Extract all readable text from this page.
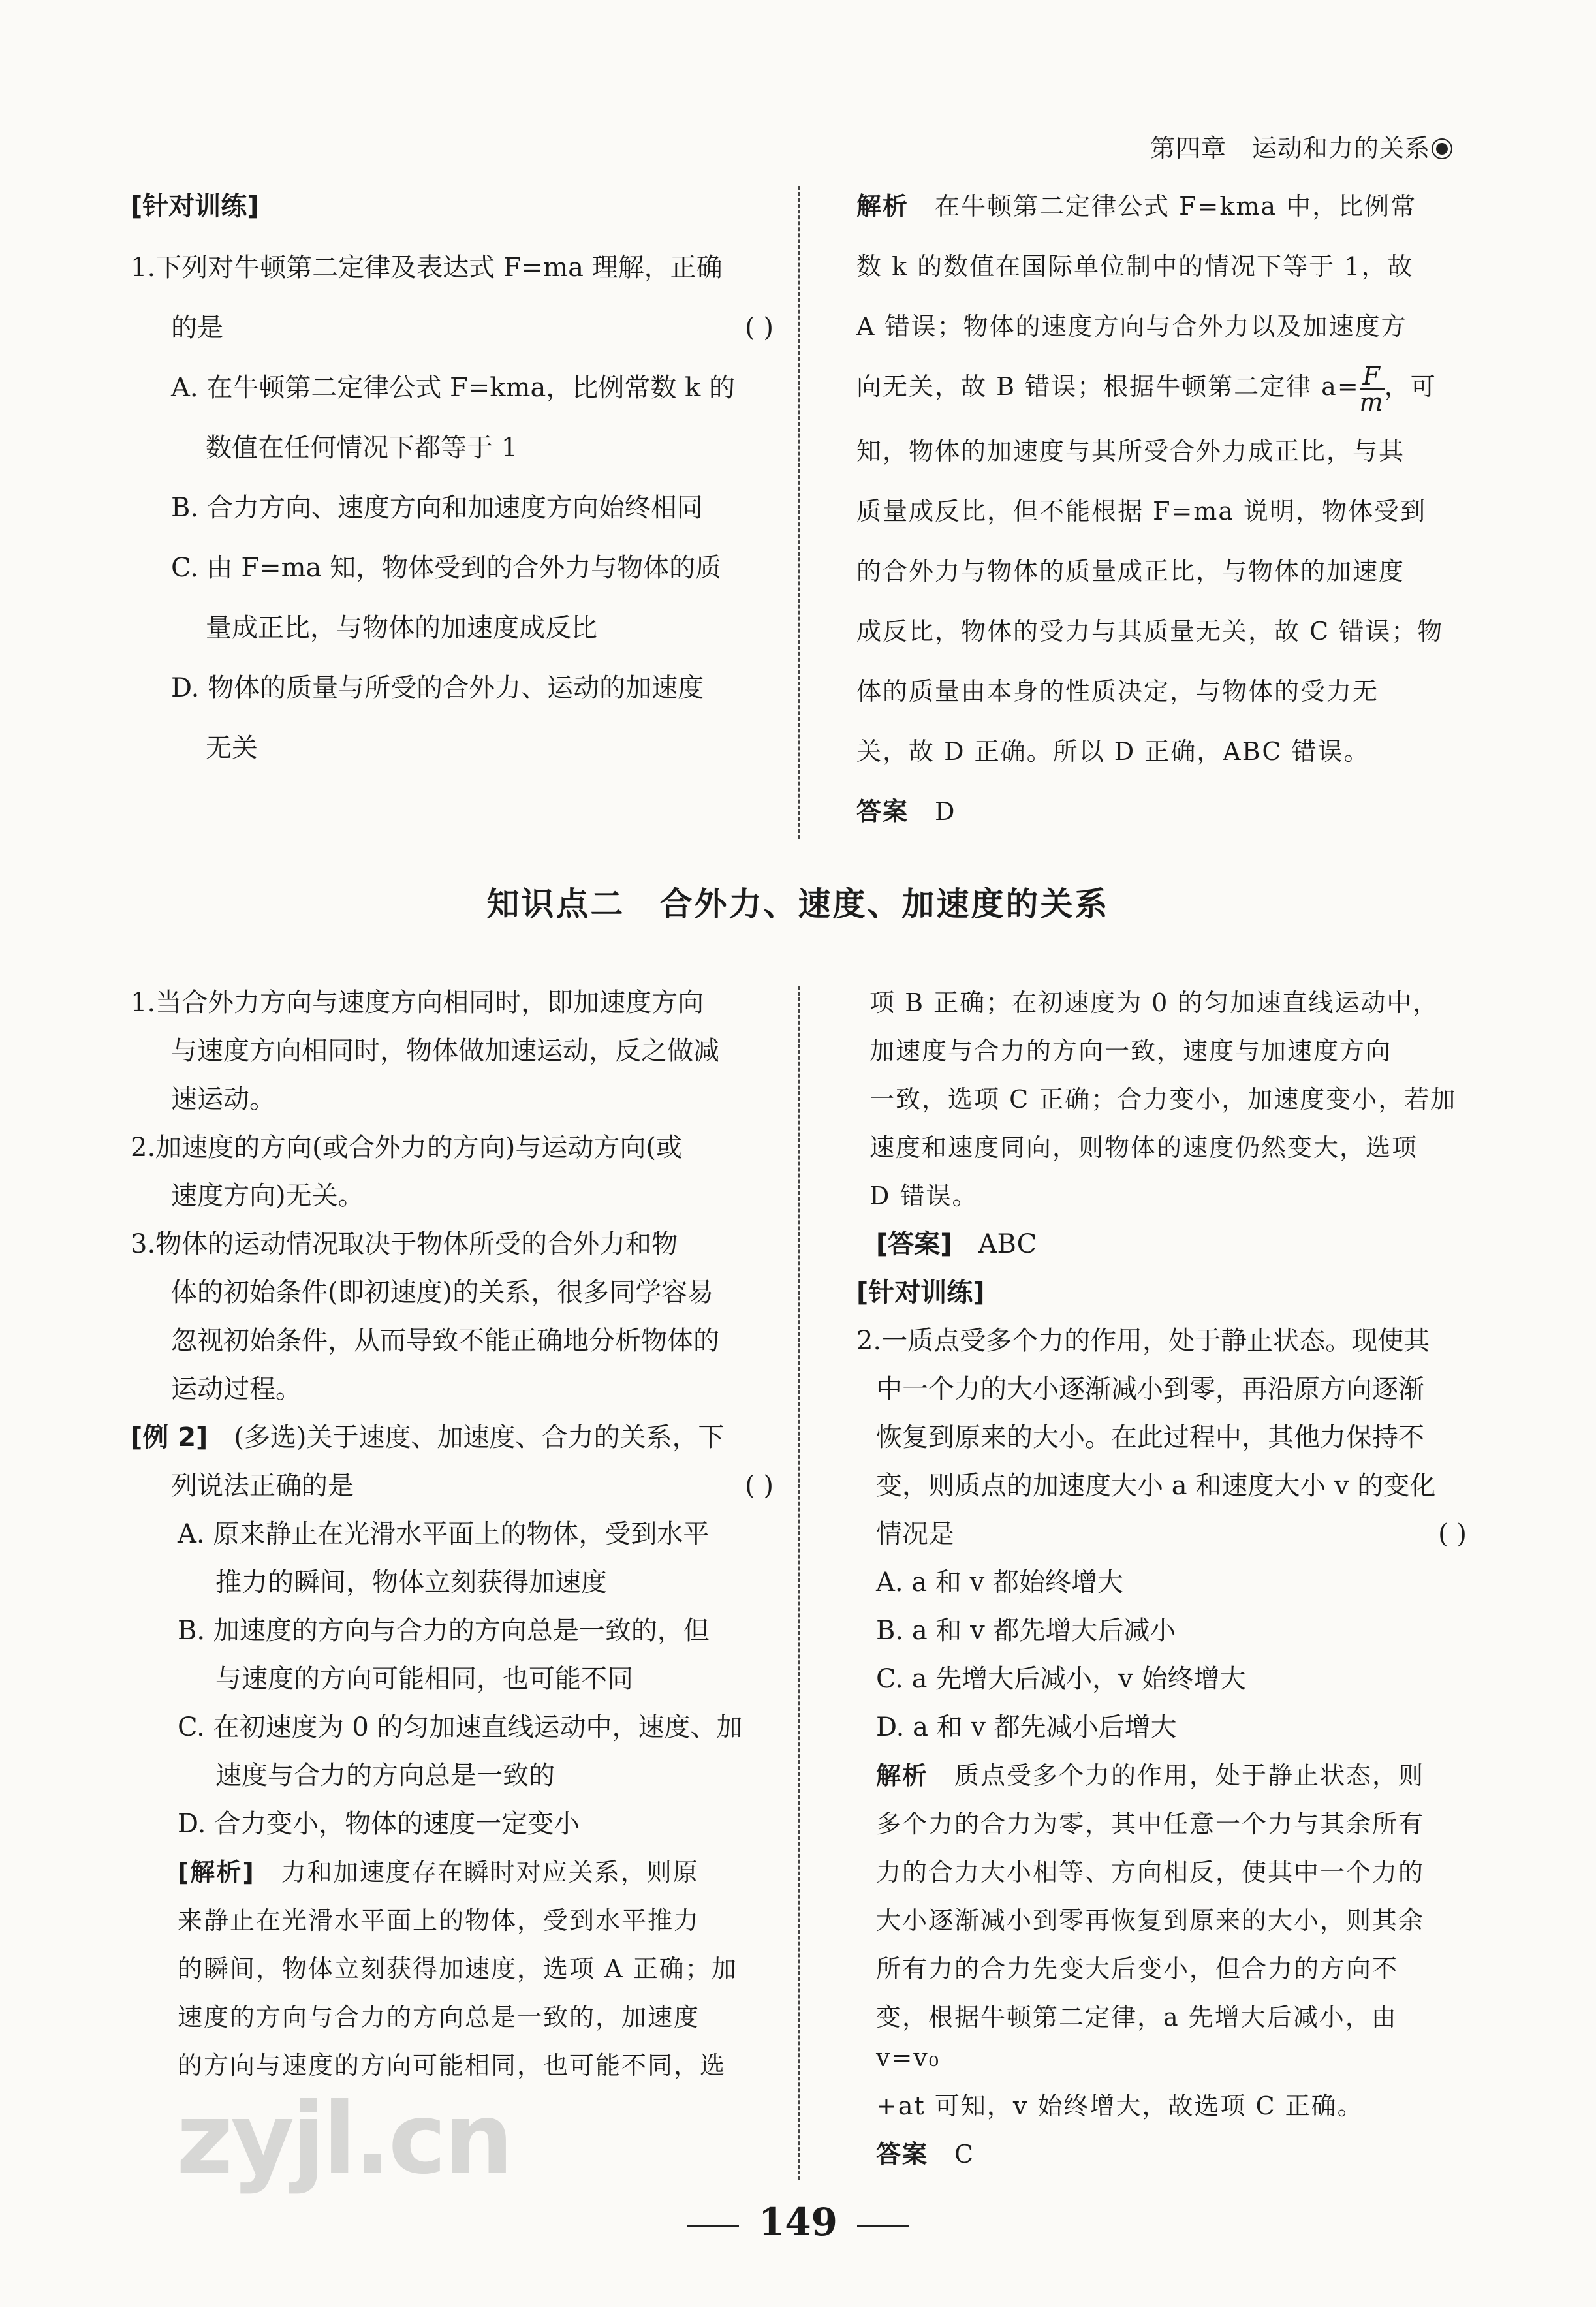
第四章　 运动和力的关系

[针对训练]

1.下列对牛顿第二定律及表达式 F=ma 理解，正确

的是	( )

A. 在牛顿第二定律公式 F=kma，比例常数 k 的

数值在任何情况下都等于 1

B. 合力方向、速度方向和加速度方向始终相同

C. 由 F=ma 知，物体受到的合外力与物体的质

量成正比，与物体的加速度成反比

D. 物体的质量与所受的合外力、运动的加速度

无关

解析　 在牛顿第二定律公式 F=kma 中，比例常

数 k 的数值在国际单位制中的情况下等于 1，故

A 错误；物体的速度方向与合外力以及加速度方

向无关，故 B 错误；根据牛顿第二定律 $a= \frac{F}{m}$ ，可

知，物体的加速度与其所受合外力成正比，与其

质量成反比，但不能根据 F=ma 说明，物体受到

的合外力与物体的质量成正比，与物体的加速度

成反比，物体的受力与其质量无关，故 C 错误；物

体的质量由本身的性质决定，与物体的受力无

关，故 D 正确。所以 D 正确，ABC 错误。

答案　 D

知识点二　合外力、速度、加速度的关系

1.当合外力方向与速度方向相同时，即加速度方向

与速度方向相同时，物体做加速运动，反之做减

速运动。

2.加速度的方向(或合外力的方向)与运动方向(或

速度方向)无关。

3.物体的运动情况取决于物体所受的合外力和物

体的初始条件(即初速度)的关系，很多同学容易

忽视初始条件，从而导致不能正确地分析物体的

运动过程。

[例 2]　 (多选)关于速度、加速度、合力的关系，下

列说法正确的是	( )

A. 原来静止在光滑水平面上的物体，受到水平

推力的瞬间，物体立刻获得加速度

B. 加速度的方向与合力的方向总是一致的，但

与速度的方向可能相同，也可能不同

C. 在初速度为 0 的匀加速直线运动中，速度、加

速度与合力的方向总是一致的

D. 合力变小，物体的速度一定变小

[解析]　 力和加速度存在瞬时对应关系，则原

来静止在光滑水平面上的物体，受到水平推力

的瞬间，物体立刻获得加速度，选项 A 正确；加

速度的方向与合力的方向总是一致的，加速度

的方向与速度的方向可能相同，也可能不同，选

项 B 正确；在初速度为 0 的匀加速直线运动中，

加速度与合力的方向一致，速度与加速度方向

一致，选项 C 正确；合力变小，加速度变小，若加

速度和速度同向，则物体的速度仍然变大，选项

D 错误。

[答案]　 ABC

[针对训练]

2.一质点受多个力的作用，处于静止状态。现使其

中一个力的大小逐渐减小到零，再沿原方向逐渐

恢复到原来的大小。在此过程中，其他力保持不

变，则质点的加速度大小 a 和速度大小 v 的变化

情况是	( )

A. a 和 v 都始终增大

B. a 和 v 都先增大后减小

C. a 先增大后减小，v 始终增大

D. a 和 v 都先减小后增大

解析　 质点受多个力的作用，处于静止状态，则

多个力的合力为零，其中任意一个力与其余所有

力的合力大小相等、方向相反，使其中一个力的

大小逐渐减小到零再恢复到原来的大小，则其余

所有力的合力先变大后变小，但合力的方向不

变，根据牛顿第二定律，a 先增大后减小，由 v=v₀

+at 可知，v 始终增大，故选项 C 正确。

答案　 C

zyjl.cn
149
